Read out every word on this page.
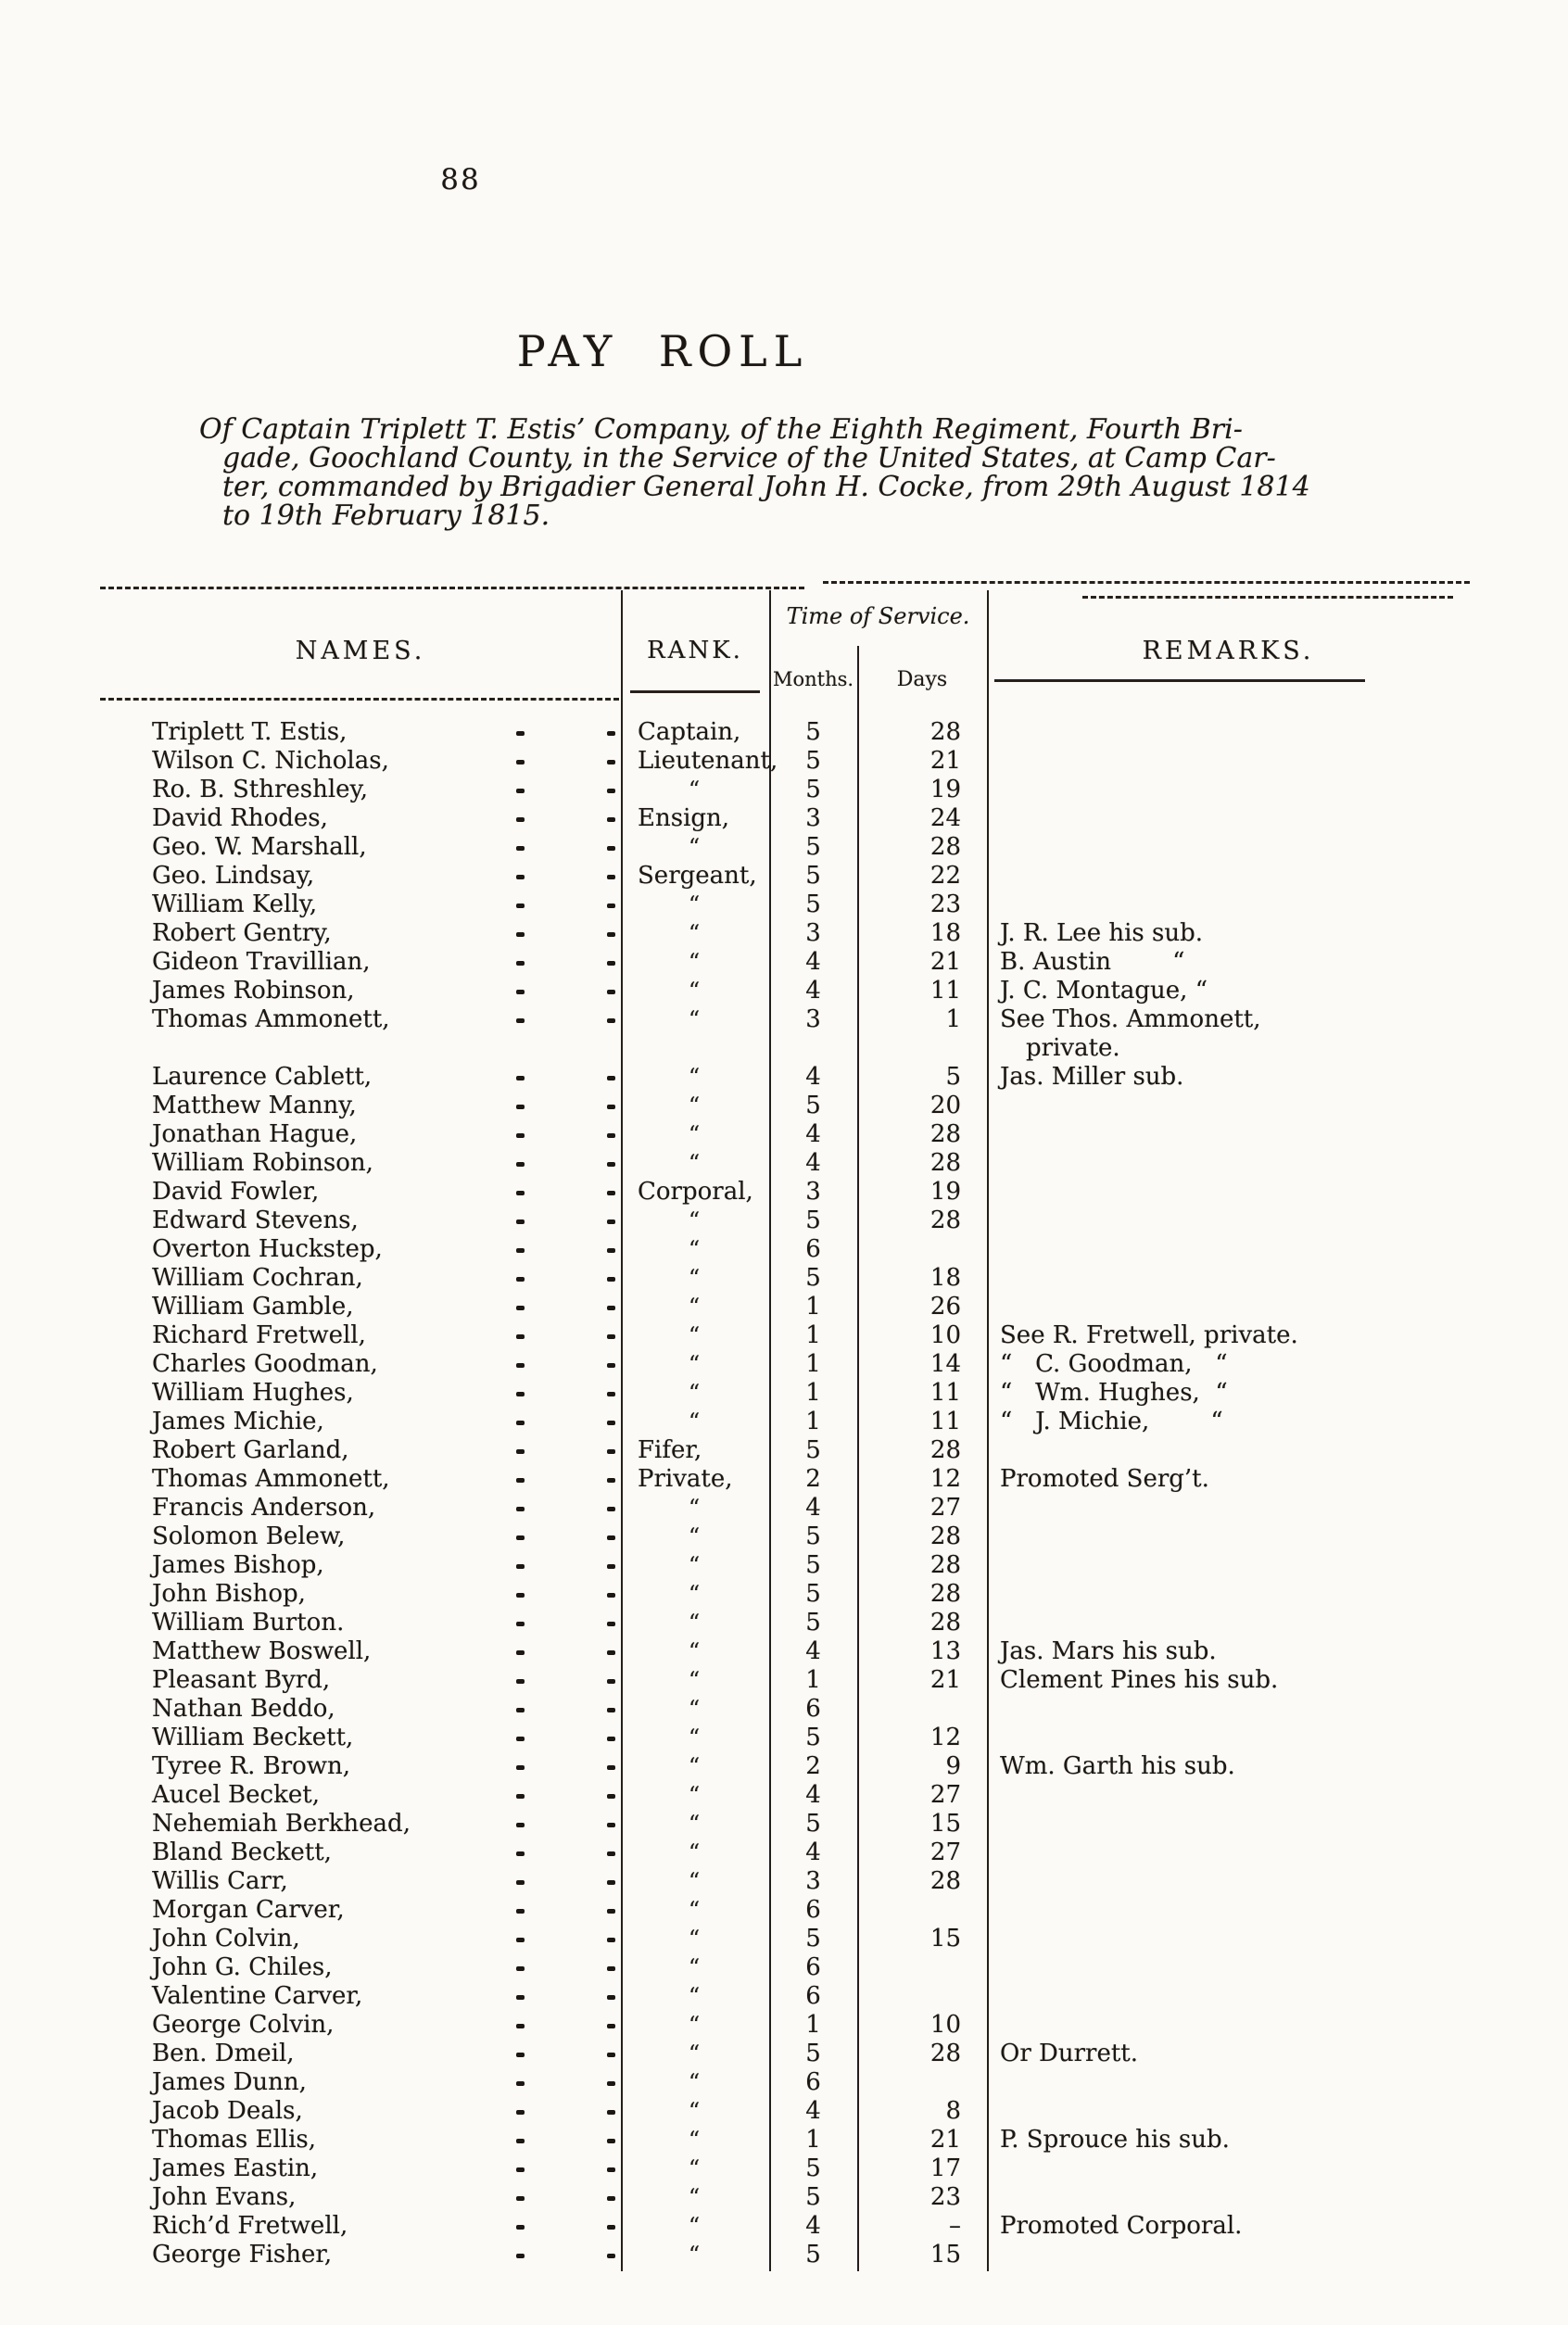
88
PAY ROLL
Of Captain Triplett T. Estis’ Company, of the Eighth Regiment, Fourth Bri-
gade, Goochland County, in the Service of the United States, at Camp Car-
ter, commanded by Brigadier General John H. Cocke, from 29th August 1814
to 19th February 1815.
NAMES.	RANK.
Time of Service.
Months.	Days
REMARKS.
Triplett T. Estis,	Captain,	5	28
Wilson C. Nicholas,	Lieutenant,	5	21
Ro. B. Sthreshley,	“	5	19
David Rhodes,	Ensign,	3	24
Geo. W. Marshall,	“	5	28
Geo. Lindsay,	Sergeant,	5	22
William Kelly,	“	5	23
Robert Gentry,	“	3	18	J. R. Lee his sub.
Gideon Travillian,	“	4	21	B. Austin        “
James Robinson,	“	4	11	J. C. Montague, “
Thomas Ammonett,	“	3	1	See Thos. Ammonett,
private.
Laurence Cablett,	“	4	5	Jas. Miller sub.
Matthew Manny,	“	5	20
Jonathan Hague,	“	4	28
William Robinson,	“	4	28
David Fowler,	Corporal,	3	19
Edward Stevens,	“	5	28
Overton Huckstep,	“	6
William Cochran,	“	5	18
William Gamble,	“	1	26
Richard Fretwell,	“	1	10	See R. Fretwell, private.
Charles Goodman,	“	1	14	“   C. Goodman,   “
William Hughes,	“	1	11	“   Wm. Hughes,  “
James Michie,	“	1	11	“   J. Michie,        “
Robert Garland,	Fifer,	5	28
Thomas Ammonett,	Private,	2	12	Promoted Serg’t.
Francis Anderson,	“	4	27
Solomon Belew,	“	5	28
James Bishop,	“	5	28
John Bishop,	“	5	28
William Burton.	“	5	28
Matthew Boswell,	“	4	13	Jas. Mars his sub.
Pleasant Byrd,	“	1	21	Clement Pines his sub.
Nathan Beddo,	“	6
William Beckett,	“	5	12
Tyree R. Brown,	“	2	9	Wm. Garth his sub.
Aucel Becket,	“	4	27
Nehemiah Berkhead,	“	5	15
Bland Beckett,	“	4	27
Willis Carr,	“	3	28
Morgan Carver,	“	6
John Colvin,	“	5	15
John G. Chiles,	“	6
Valentine Carver,	“	6
George Colvin,	“	1	10
Ben. Dmeil,	“	5	28	Or Durrett.
James Dunn,	“	6
Jacob Deals,	“	4	8
Thomas Ellis,	“	1	21	P. Sprouce his sub.
James Eastin,	“	5	17
John Evans,	“	5	23
Rich’d Fretwell,	“	4	–	Promoted Corporal.
George Fisher,	“	5	15
